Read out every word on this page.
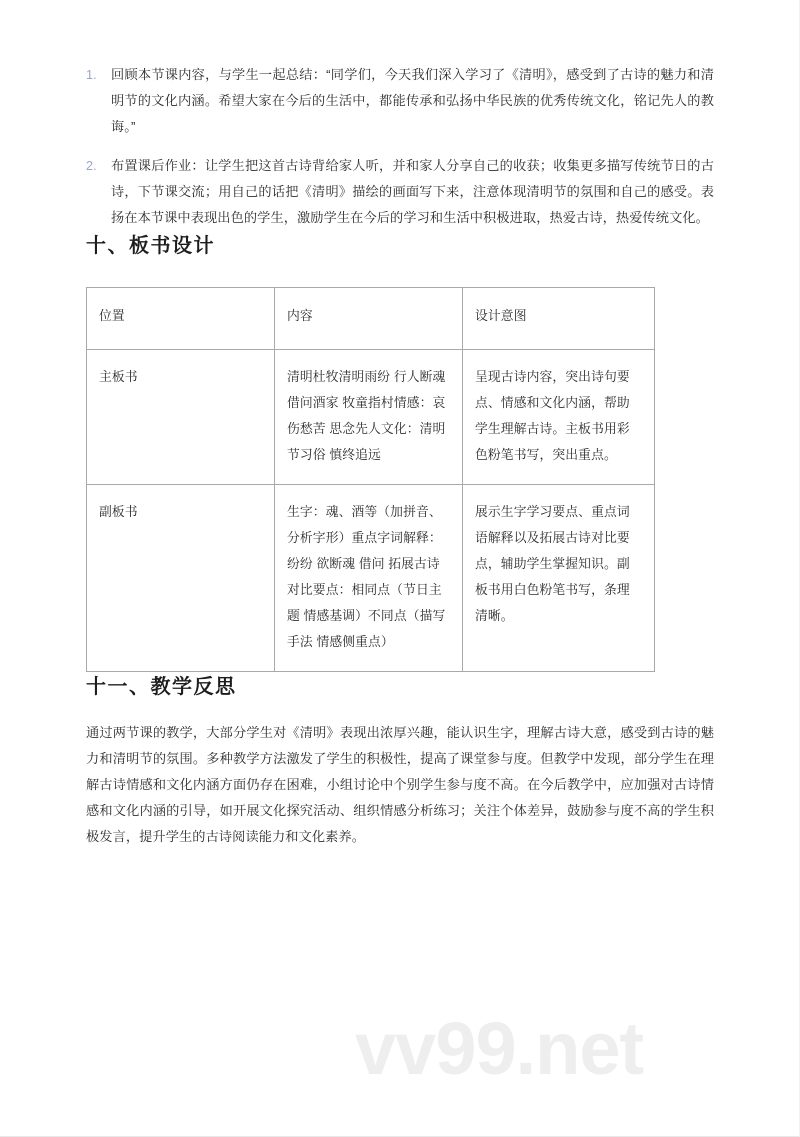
1.	回顾本节课内容，与学生一起总结：“同学们，今天我们深入学习了《清明》，感受到了古诗的魅力和清明节的文化内涵。希望大家在今后的生活中，都能传承和弘扬中华民族的优秀传统文化，铭记先人的教诲。”
2.	布置课后作业：让学生把这首古诗背给家人听，并和家人分享自己的收获；收集更多描写传统节日的古诗，下节课交流；用自己的话把《清明》描绘的画面写下来，注意体现清明节的氛围和自己的感受。表扬在本节课中表现出色的学生，激励学生在今后的学习和生活中积极进取，热爱古诗，热爱传统文化。
十、板书设计
位置	内容	设计意图
主板书	清明杜牧清明雨纷 行人断魂借问酒家 牧童指村情感：哀伤愁苦 思念先人文化：清明节习俗 慎终追远	呈现古诗内容，突出诗句要点、情感和文化内涵，帮助学生理解古诗。主板书用彩色粉笔书写，突出重点。
副板书	生字：魂、酒等（加拼音、分析字形）重点字词解释：纷纷 欲断魂 借问 拓展古诗对比要点：相同点（节日主题 情感基调）不同点（描写手法 情感侧重点）	展示生字学习要点、重点词语解释以及拓展古诗对比要点，辅助学生掌握知识。副板书用白色粉笔书写，条理清晰。
十一、教学反思

通过两节课的教学，大部分学生对《清明》表现出浓厚兴趣，能认识生字，理解古诗大意，感受到古诗的魅力和清明节的氛围。多种教学方法激发了学生的积极性，提高了课堂参与度。但教学中发现，部分学生在理解古诗情感和文化内涵方面仍存在困难，小组讨论中个别学生参与度不高。在今后教学中，应加强对古诗情感和文化内涵的引导，如开展文化探究活动、组织情感分析练习；关注个体差异，鼓励参与度不高的学生积极发言，提升学生的古诗阅读能力和文化素养。

vv99.net
